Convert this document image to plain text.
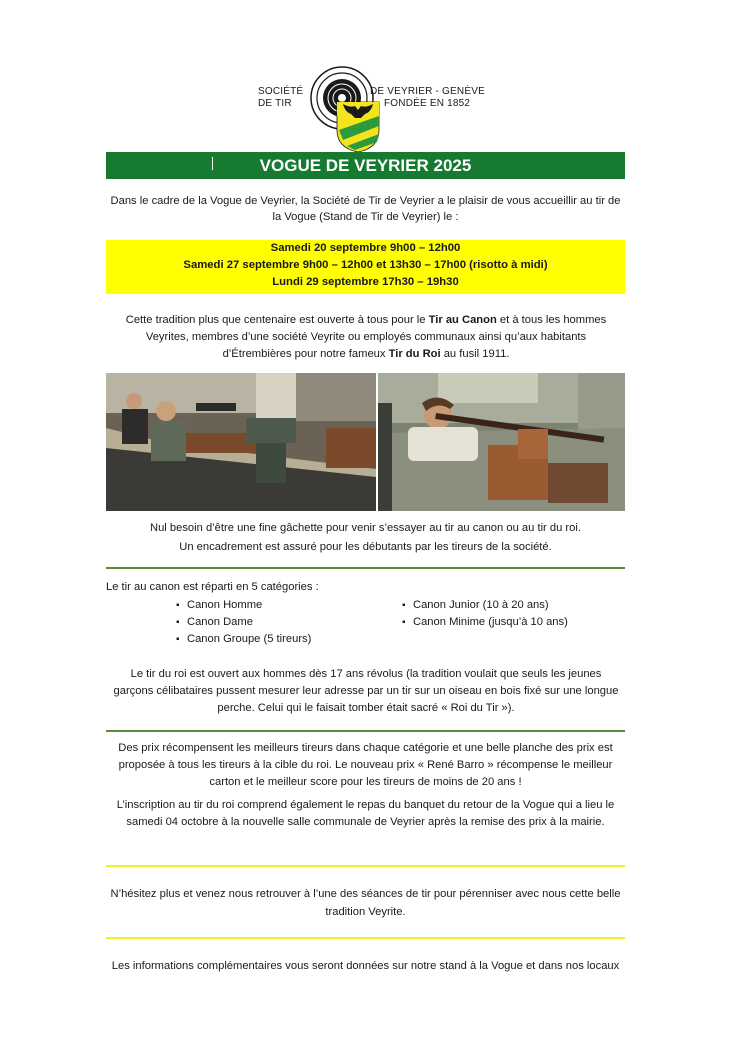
SOCIÉTÉ
DE TIR
DE VEYRIER - GENÈVE
FONDÉE EN 1852
VOGUE DE VEYRIER 2025
Dans le cadre de la Vogue de Veyrier, la Société de Tir de Veyrier a le plaisir de vous accueillir au tir de la Vogue (Stand de Tir de Veyrier) le :
Samedi 20 septembre 9h00 – 12h00
Samedi 27 septembre 9h00 – 12h00 et 13h30 – 17h00 (risotto à midi)
Lundi 29 septembre 17h30 – 19h30
Cette tradition plus que centenaire est ouverte à tous pour le Tir au Canon et à tous les hommes Veyrites, membres d’une société Veyrite ou employés communaux ainsi qu’aux habitants d’Étrembières pour notre fameux Tir du Roi au fusil 1911.
Nul besoin d’être une fine gâchette pour venir s’essayer au tir au canon ou au tir du roi.
Un encadrement est assuré pour les débutants par les tireurs de la société.
Le tir au canon est réparti en 5 catégories :
▪ Canon Homme
▪ Canon Dame
▪ Canon Groupe (5 tireurs)
▪ Canon Junior (10 à 20 ans)
▪ Canon Minime (jusqu’à 10 ans)
Le tir du roi est ouvert aux hommes dès 17 ans révolus (la tradition voulait que seuls les jeunes garçons célibataires pussent mesurer leur adresse par un tir sur un oiseau en bois fixé sur une longue perche. Celui qui le faisait tomber était sacré « Roi du Tir »).
Des prix récompensent les meilleurs tireurs dans chaque catégorie et une belle planche des prix est proposée à tous les tireurs à la cible du roi. Le nouveau prix « René Barro » récompense le meilleur carton et le meilleur score pour les tireurs de moins de 20 ans !
L’inscription au tir du roi comprend également le repas du banquet du retour de la Vogue qui a lieu le samedi 04 octobre à la nouvelle salle communale de Veyrier après la remise des prix à la mairie.
N’hésitez plus et venez nous retrouver à l’une des séances de tir pour pérenniser avec nous cette belle tradition Veyrite.
Les informations complémentaires vous seront données sur notre stand à la Vogue et dans nos locaux
